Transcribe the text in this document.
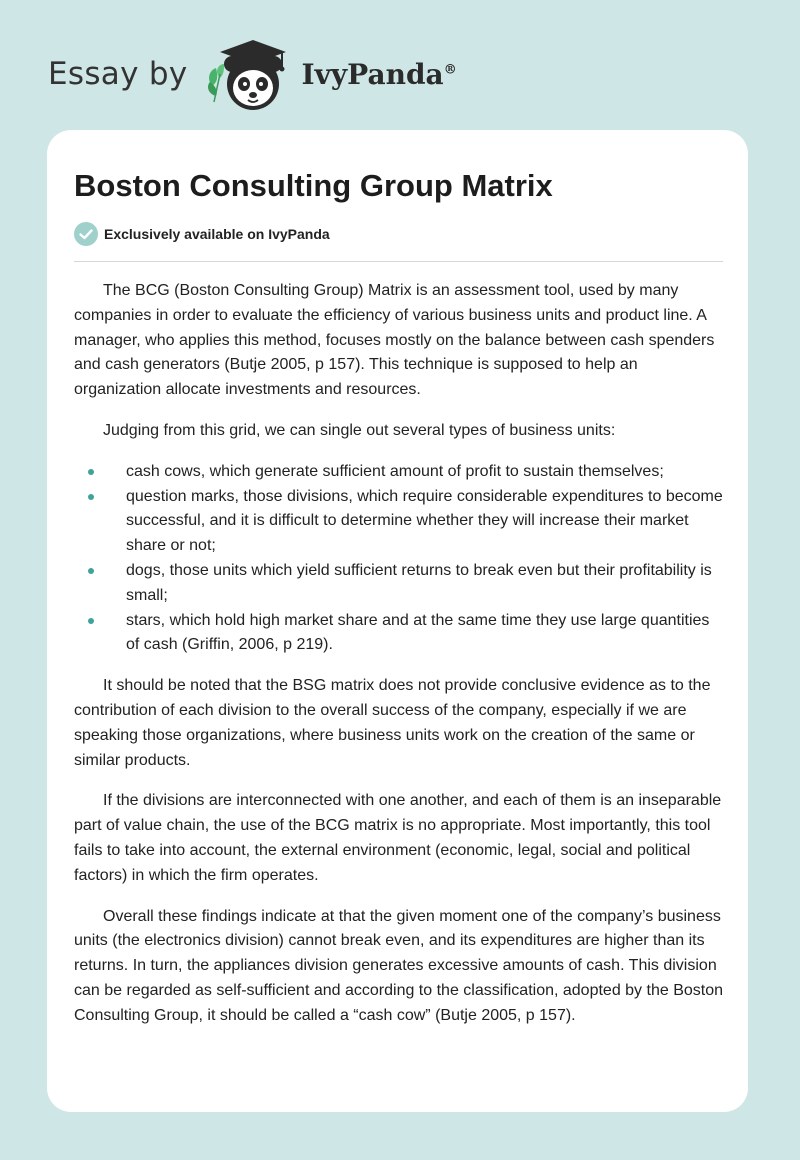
Essay by	IvyPanda®
Boston Consulting Group Matrix
Exclusively available on IvyPanda

The BCG (Boston Consulting Group) Matrix is an assessment tool, used by many companies in order to evaluate the efficiency of various business units and product line. A manager, who applies this method, focuses mostly on the balance between cash spenders and cash generators (Butje 2005, p 157). This technique is supposed to help an organization allocate investments and resources.

Judging from this grid, we can single out several types of business units:

cash cows, which generate sufficient amount of profit to sustain themselves;
question marks, those divisions, which require considerable expenditures to become successful, and it is difficult to determine whether they will increase their market share or not;
dogs, those units which yield sufficient returns to break even but their profitability is small;
stars, which hold high market share and at the same time they use large quantities of cash (Griffin, 2006, p 219).

It should be noted that the BSG matrix does not provide conclusive evidence as to the contribution of each division to the overall success of the company, especially if we are speaking those organizations, where business units work on the creation of the same or similar products.

If the divisions are interconnected with one another, and each of them is an inseparable part of value chain, the use of the BCG matrix is no appropriate. Most importantly, this tool fails to take into account, the external environment (economic, legal, social and political factors) in which the firm operates.

Overall these findings indicate at that the given moment one of the company’s business units (the electronics division) cannot break even, and its expenditures are higher than its returns. In turn, the appliances division generates excessive amounts of cash. This division can be regarded as self-sufficient and according to the classification, adopted by the Boston Consulting Group, it should be called a “cash cow” (Butje 2005, p 157).
